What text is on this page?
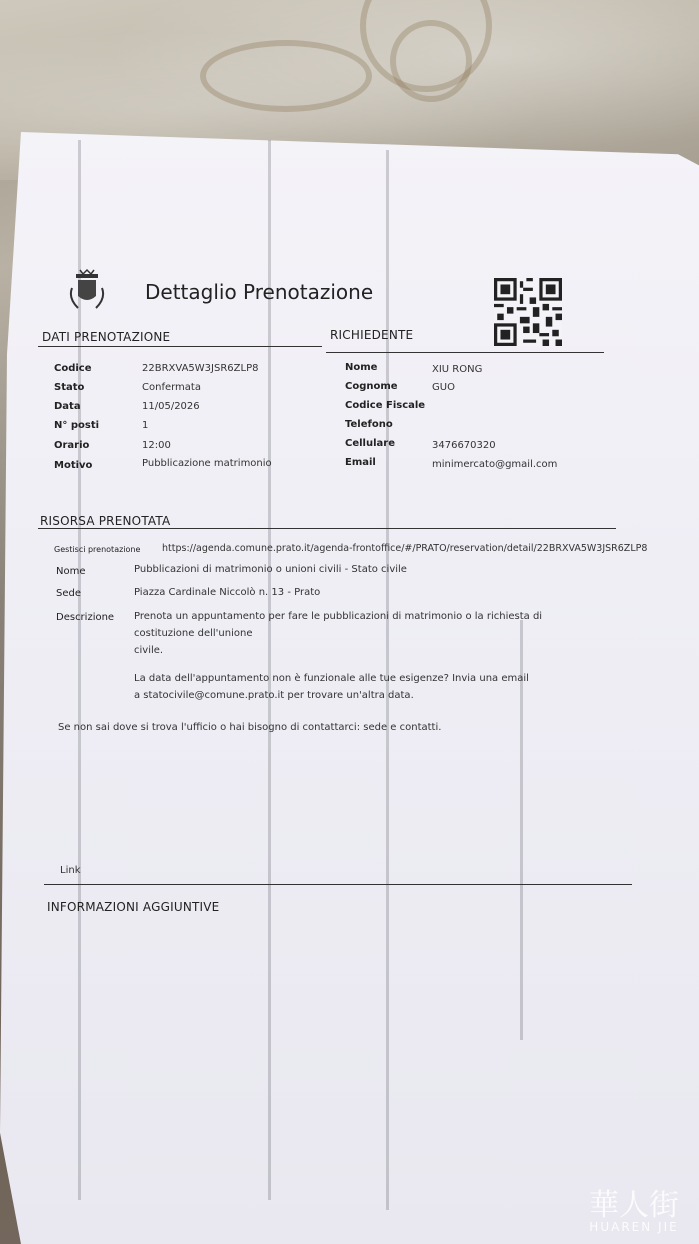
Dettaglio Prenotazione
DATI PRENOTAZIONE
Codice	22BRXVA5W3JSR6ZLP8
Stato	Confermata
Data	11/05/2026
N° posti	1
Orario	12:00
Motivo	Pubblicazione matrimonio
RICHIEDENTE
Nome	XIU RONG
Cognome	GUO
Codice Fiscale
Telefono
Cellulare	3476670320
Email	minimercato@gmail.com
RISORSA PRENOTATA
Gestisci prenotazione https://agenda.comune.prato.it/agenda-frontoffice/#/PRATO/reservation/detail/22BRXVA5W3JSR6ZLP8
Nome	Pubblicazioni di matrimonio o unioni civili - Stato civile
Sede	Piazza Cardinale Niccolò n. 13 - Prato
Descrizione Prenota un appuntamento per fare le pubblicazioni di matrimonio o la richiesta di costituzione dell'unione
civile.
La data dell'appuntamento non è funzionale alle tue esigenze? Invia una email
a statocivile@comune.prato.it per trovare un'altra data.
Se non sai dove si trova l'ufficio o hai bisogno di contattarci: sede e contatti.
Link
INFORMAZIONI AGGIUNTIVE
華人街
HUAREN JIE
